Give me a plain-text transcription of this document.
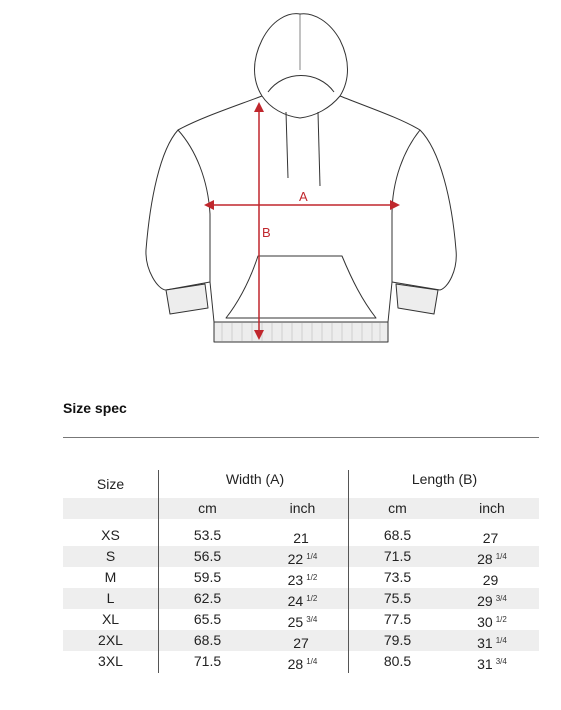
A
B
Size spec
Size	Width (A)	Length (B)
cm	inch	cm	inch
XS	53.5	21	68.5	27
S	56.5	22 $^{1/4}$	71.5	28 $^{1/4}$
M	59.5	23 $^{1/2}$	73.5	29
L	62.5	24 $^{1/2}$	75.5	29 $^{3/4}$
XL	65.5	25 $^{3/4}$	77.5	30 $^{1/2}$
2XL	68.5	27	79.5	31 $^{1/4}$
3XL	71.5	28 $^{1/4}$	80.5	31 $^{3/4}$
